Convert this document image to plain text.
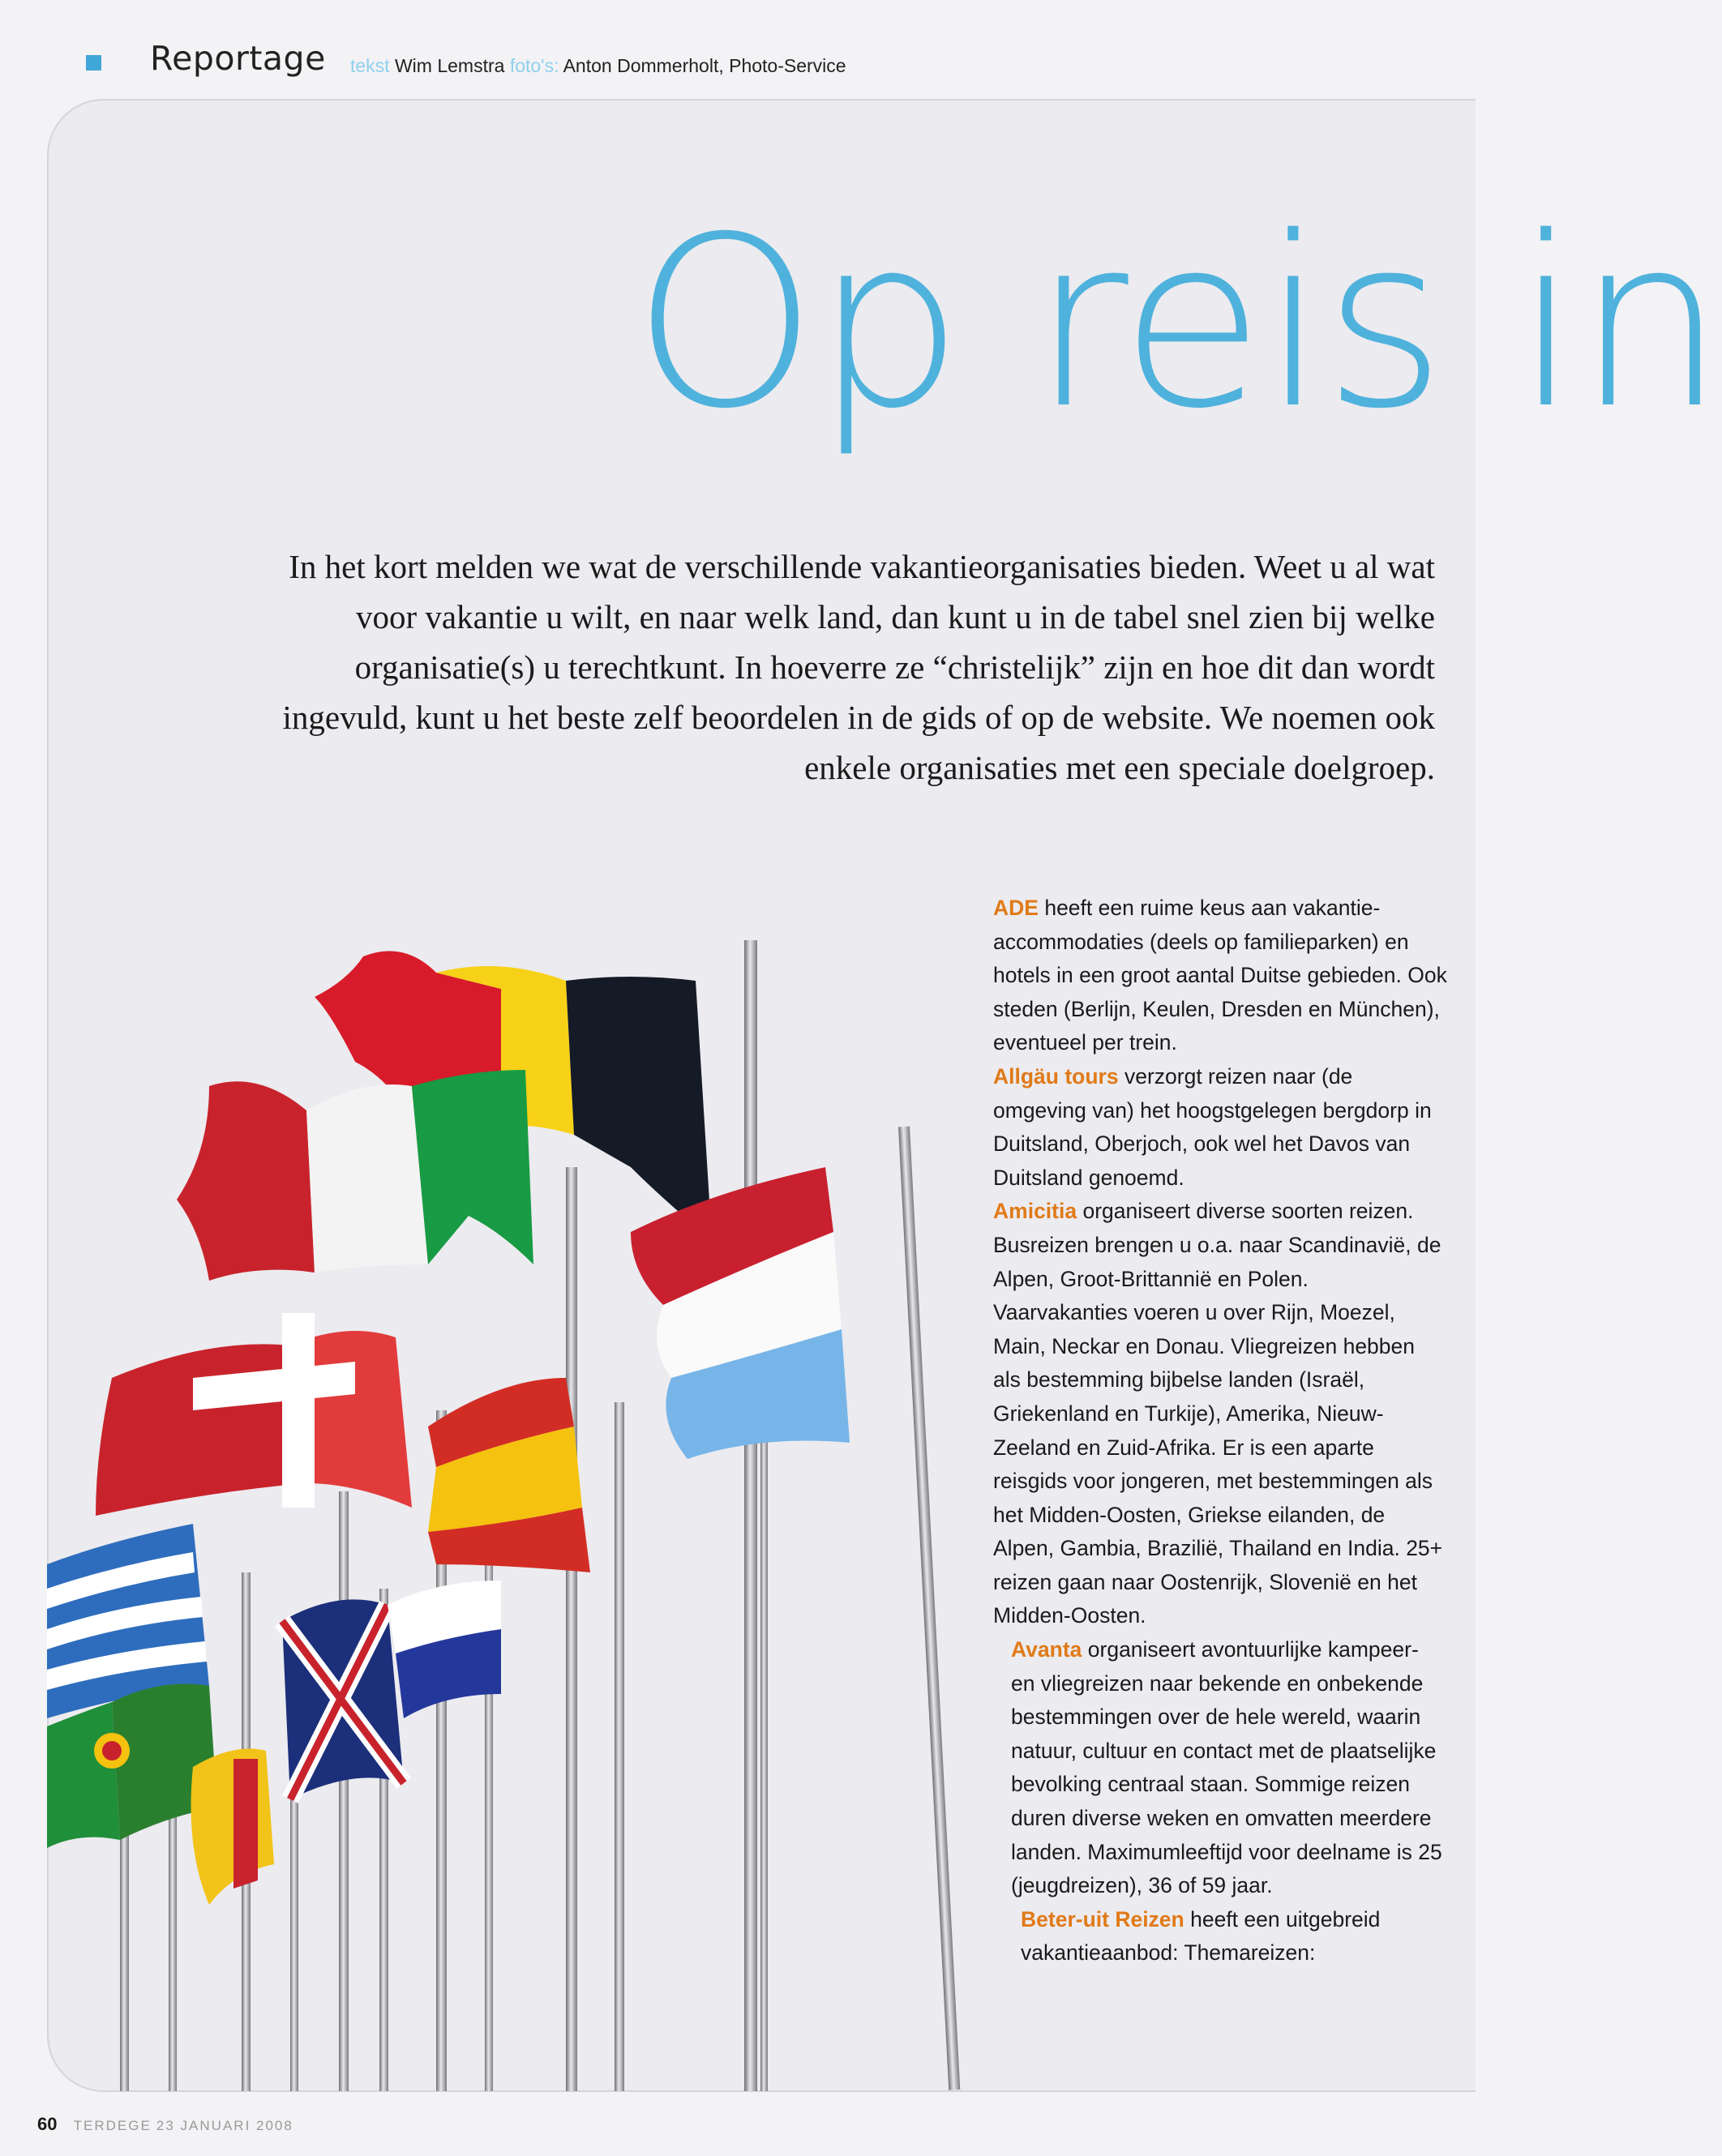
Reportage tekst Wim Lemstra foto's: Anton Dommerholt, Photo-Service
Op reis in
In het kort melden we wat de verschillende vakantieorganisaties bieden. Weet u al wat voor vakantie u wilt, en naar welk land, dan kunt u in de tabel snel zien bij welke organisatie(s) u terechtkunt. In hoeverre ze “christelijk” zijn en hoe dit dan wordt ingevuld, kunt u het beste zelf beoordelen in de gids of op de website. We noemen ook enkele organisaties met een speciale doelgroep.

ADE heeft een ruime keus aan vakantie-accommodaties (deels op familieparken) en hotels in een groot aantal Duitse gebieden. Ook steden (Berlijn, Keulen, Dresden en München), eventueel per trein.

Allgäu tours verzorgt reizen naar (de omgeving van) het hoogstgelegen bergdorp in Duitsland, Oberjoch, ook wel het Davos van Duitsland genoemd.

Amicitia organiseert diverse soorten reizen. Busreizen brengen u o.a. naar Scandinavië, de Alpen, Groot-Brittannië en Polen. Vaarvakanties voeren u over Rijn, Moezel, Main, Neckar en Donau. Vliegreizen hebben als bestemming bijbelse landen (Israël, Griekenland en Turkije), Amerika, Nieuw-Zeeland en Zuid-Afrika. Er is een aparte reisgids voor jongeren, met bestemmingen als het Midden-Oosten, Griekse eilanden, de Alpen, Gambia, Brazilië, Thailand en India. 25+ reizen gaan naar Oostenrijk, Slovenië en het Midden-Oosten.

Avanta organiseert avontuurlijke kampeer- en vliegreizen naar bekende en onbekende bestemmingen over de hele wereld, waarin natuur, cultuur en contact met de plaatselijke bevolking centraal staan. Sommige reizen duren diverse weken en omvatten meerdere landen. Maximumleeftijd voor deelname is 25 (jeugdreizen), 36 of 59 jaar.

Beter-uit Reizen heeft een uitgebreid vakantieaanbod: Themareizen:

60 TERDEGE 23 JANUARI 2008
